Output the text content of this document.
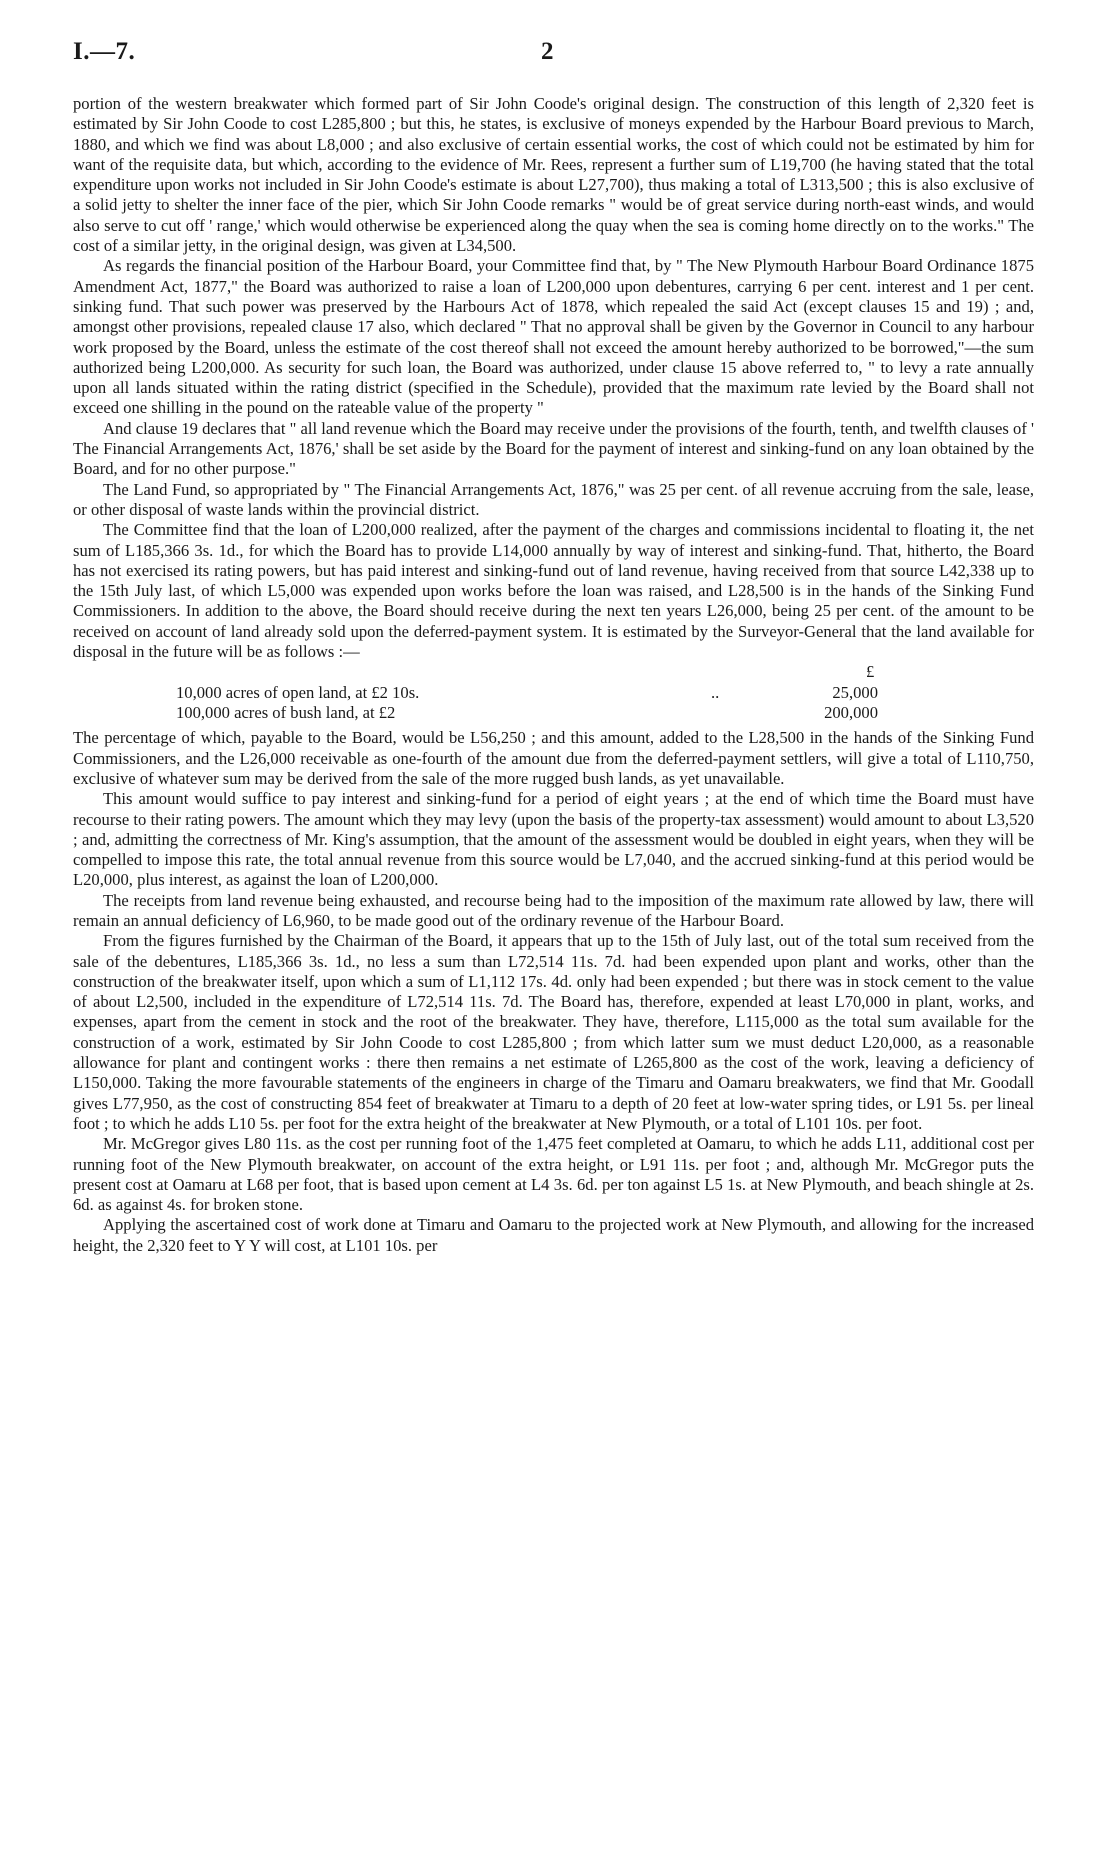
I.—7.	2

portion of the western breakwater which formed part of Sir John Coode's original design. The construction of this length of 2,320 feet is estimated by Sir John Coode to cost L285,800 ; but this, he states, is exclusive of moneys expended by the Harbour Board previous to March, 1880, and which we find was about L8,000 ; and also exclusive of certain essential works, the cost of which could not be estimated by him for want of the requisite data, but which, according to the evidence of Mr. Rees, represent a further sum of L19,700 (he having stated that the total expenditure upon works not included in Sir John Coode's estimate is about L27,700), thus making a total of L313,500 ; this is also exclusive of a solid jetty to shelter the inner face of the pier, which Sir John Coode remarks " would be of great service during north-east winds, and would also serve to cut off ' range,' which would otherwise be experienced along the quay when the sea is coming home directly on to the works." The cost of a similar jetty, in the original design, was given at L34,500.

As regards the financial position of the Harbour Board, your Committee find that, by " The New Plymouth Harbour Board Ordinance 1875 Amendment Act, 1877," the Board was authorized to raise a loan of L200,000 upon debentures, carrying 6 per cent. interest and 1 per cent. sinking fund. That such power was preserved by the Harbours Act of 1878, which repealed the said Act (except clauses 15 and 19) ; and, amongst other provisions, repealed clause 17 also, which declared " That no approval shall be given by the Governor in Council to any harbour work proposed by the Board, unless the estimate of the cost thereof shall not exceed the amount hereby authorized to be borrowed,"—the sum authorized being L200,000. As security for such loan, the Board was authorized, under clause 15 above referred to, " to levy a rate annually upon all lands situated within the rating district (specified in the Schedule), provided that the maximum rate levied by the Board shall not exceed one shilling in the pound on the rateable value of the property "

And clause 19 declares that " all land revenue which the Board may receive under the provisions of the fourth, tenth, and twelfth clauses of ' The Financial Arrangements Act, 1876,' shall be set aside by the Board for the payment of interest and sinking-fund on any loan obtained by the Board, and for no other purpose."

The Land Fund, so appropriated by " The Financial Arrangements Act, 1876," was 25 per cent. of all revenue accruing from the sale, lease, or other disposal of waste lands within the provincial district.

The Committee find that the loan of L200,000 realized, after the payment of the charges and commissions incidental to floating it, the net sum of L185,366 3s. 1d., for which the Board has to provide L14,000 annually by way of interest and sinking-fund. That, hitherto, the Board has not exercised its rating powers, but has paid interest and sinking-fund out of land revenue, having received from that source L42,338 up to the 15th July last, of which L5,000 was expended upon works before the loan was raised, and L28,500 is in the hands of the Sinking Fund Commissioners. In addition to the above, the Board should receive during the next ten years L26,000, being 25 per cent. of the amount to be received on account of land already sold upon the deferred-payment system. It is estimated by the Surveyor-General that the land available for disposal in the future will be as follows :—

£
10,000 acres of open land, at £2 10s.	..	25,000
100,000 acres of bush land, at £2	200,000

The percentage of which, payable to the Board, would be L56,250 ; and this amount, added to the L28,500 in the hands of the Sinking Fund Commissioners, and the L26,000 receivable as one-fourth of the amount due from the deferred-payment settlers, will give a total of L110,750, exclusive of whatever sum may be derived from the sale of the more rugged bush lands, as yet unavailable.

This amount would suffice to pay interest and sinking-fund for a period of eight years ; at the end of which time the Board must have recourse to their rating powers. The amount which they may levy (upon the basis of the property-tax assessment) would amount to about L3,520 ; and, admitting the correctness of Mr. King's assumption, that the amount of the assessment would be doubled in eight years, when they will be compelled to impose this rate, the total annual revenue from this source would be L7,040, and the accrued sinking-fund at this period would be L20,000, plus interest, as against the loan of L200,000.

The receipts from land revenue being exhausted, and recourse being had to the imposition of the maximum rate allowed by law, there will remain an annual deficiency of L6,960, to be made good out of the ordinary revenue of the Harbour Board.

From the figures furnished by the Chairman of the Board, it appears that up to the 15th of July last, out of the total sum received from the sale of the debentures, L185,366 3s. 1d., no less a sum than L72,514 11s. 7d. had been expended upon plant and works, other than the construction of the breakwater itself, upon which a sum of L1,112 17s. 4d. only had been expended ; but there was in stock cement to the value of about L2,500, included in the expenditure of L72,514 11s. 7d. The Board has, therefore, expended at least L70,000 in plant, works, and expenses, apart from the cement in stock and the root of the breakwater. They have, therefore, L115,000 as the total sum available for the construction of a work, estimated by Sir John Coode to cost L285,800 ; from which latter sum we must deduct L20,000, as a reasonable allowance for plant and contingent works : there then remains a net estimate of L265,800 as the cost of the work, leaving a deficiency of L150,000. Taking the more favourable statements of the engineers in charge of the Timaru and Oamaru breakwaters, we find that Mr. Goodall gives L77,950, as the cost of constructing 854 feet of breakwater at Timaru to a depth of 20 feet at low-water spring tides, or L91 5s. per lineal foot ; to which he adds L10 5s. per foot for the extra height of the breakwater at New Plymouth, or a total of L101 10s. per foot.

Mr. McGregor gives L80 11s. as the cost per running foot of the 1,475 feet completed at Oamaru, to which he adds L11, additional cost per running foot of the New Plymouth breakwater, on account of the extra height, or L91 11s. per foot ; and, although Mr. McGregor puts the present cost at Oamaru at L68 per foot, that is based upon cement at L4 3s. 6d. per ton against L5 1s. at New Plymouth, and beach shingle at 2s. 6d. as against 4s. for broken stone.

Applying the ascertained cost of work done at Timaru and Oamaru to the projected work at New Plymouth, and allowing for the increased height, the 2,320 feet to Y Y will cost, at L101 10s. per
